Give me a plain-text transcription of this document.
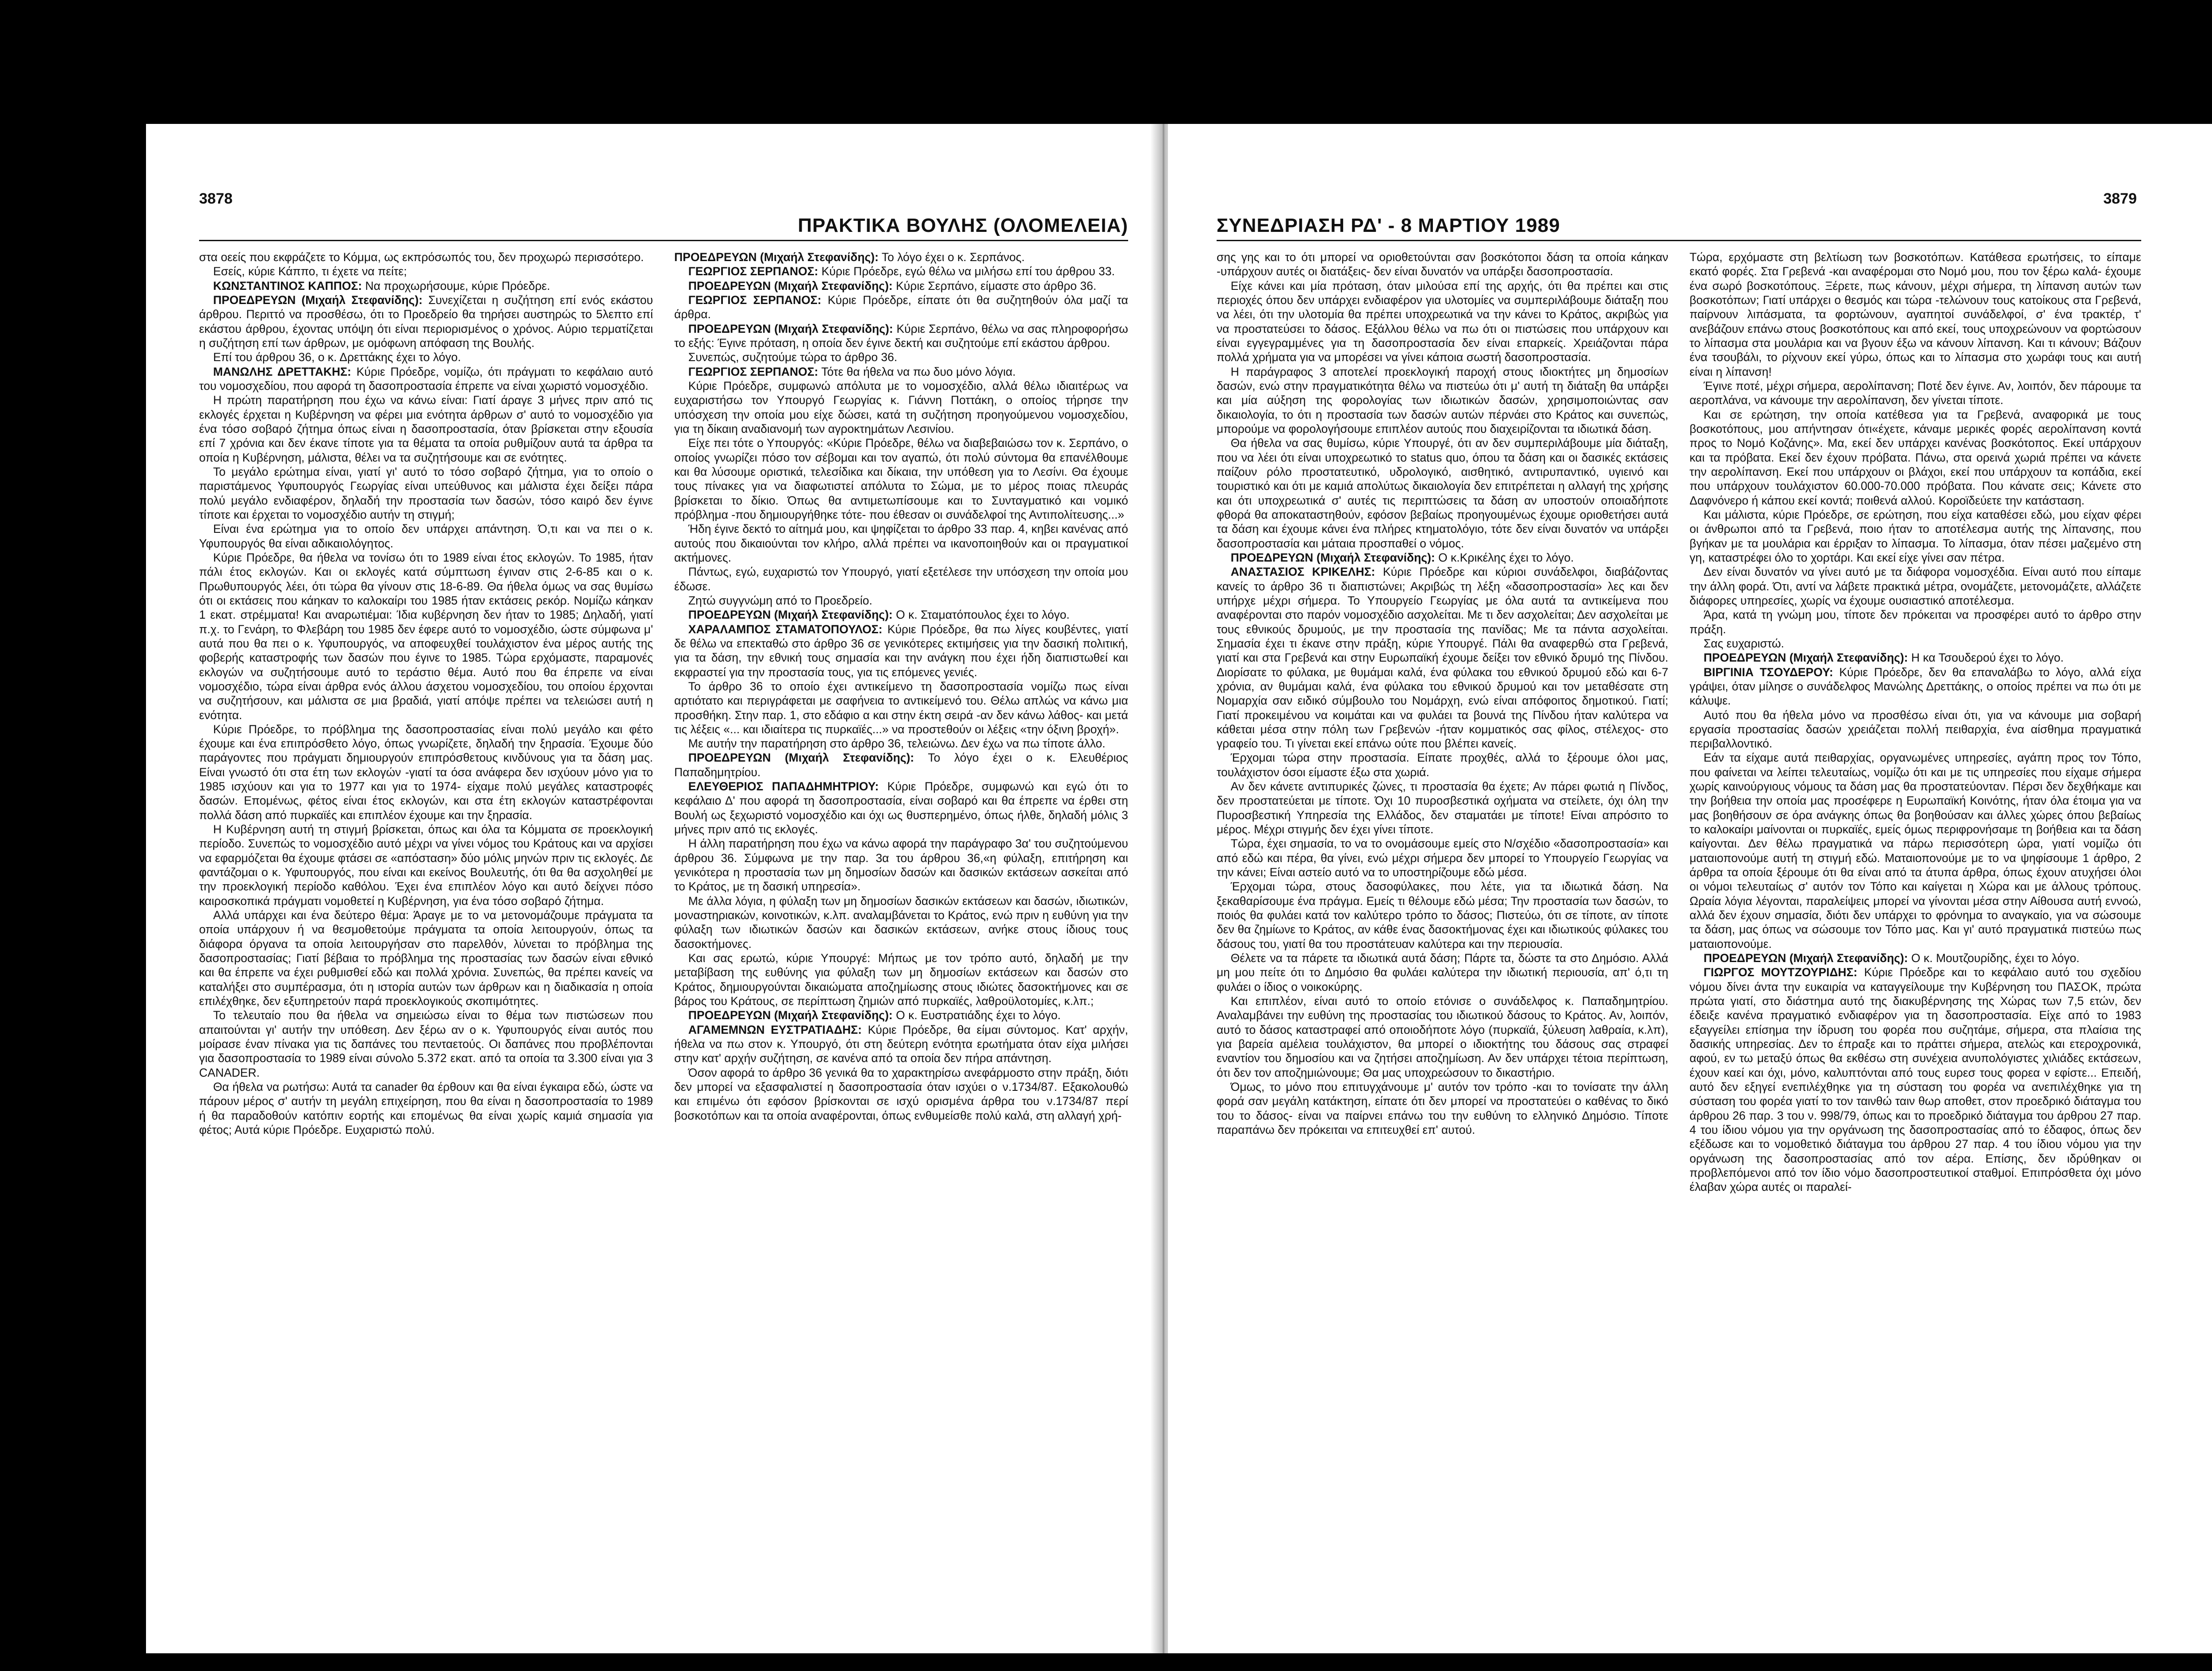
3878
ΠΡΑΚΤΙΚΑ ΒΟΥΛΗΣ (ΟΛΟΜΕΛΕΙΑ)

στα οεείς που εκφράζετε το Κόμμα, ως εκπρόσωπός του, δεν προχωρώ περισσότερο.

Εσείς, κύριε Κάππο, τι έχετε να πείτε;

ΚΩΝΣΤΑΝΤΙΝΟΣ ΚΑΠΠΟΣ: Να προχωρήσουμε, κύριε Πρόεδρε.

ΠΡΟΕΔΡΕΥΩΝ (Μιχαήλ Στεφανίδης): Συνεχίζεται η συζήτηση επί ενός εκάστου άρθρου. Περιττό να προσθέσω, ότι το Προεδρείο θα τηρήσει αυστηρώς το 5λεπτο επί εκάστου άρθρου, έχοντας υπόψη ότι είναι περιορισμένος ο χρόνος. Αύριο τερματίζεται η συζήτηση επί των άρθρων, με ομόφωνη απόφαση της Βουλής.

Επί του άρθρου 36, ο κ. Δρεττάκης έχει το λόγο.

ΜΑΝΩΛΗΣ ΔΡΕΤΤΑΚΗΣ: Κύριε Πρόεδρε, νομίζω, ότι πράγματι το κεφάλαιο αυτό του νομοσχεδίου, που αφορά τη δασοπροστασία έπρεπε να είναι χωριστό νομοσχέδιο.

Η πρώτη παρατήρηση που έχω να κάνω είναι: Γιατί άραγε 3 μήνες πριν από τις εκλογές έρχεται η Κυβέρνηση να φέρει μια ενότητα άρθρων σ' αυτό το νομοσχέδιο για ένα τόσο σοβαρό ζήτημα όπως είναι η δασοπροστασία, όταν βρίσκεται στην εξουσία επί 7 χρόνια και δεν έκανε τίποτε για τα θέματα τα οποία ρυθμίζουν αυτά τα άρθρα τα οποία η Κυβέρνηση, μάλιστα, θέλει να τα συζητήσουμε και σε ενότητες.

Το μεγάλο ερώτημα είναι, γιατί γι' αυτό το τόσο σοβαρό ζήτημα, για το οποίο ο παριστάμενος Υφυπουργός Γεωργίας είναι υπεύθυνος και μάλιστα έχει δείξει πάρα πολύ μεγάλο ενδιαφέρον, δηλαδή την προστασία των δασών, τόσο καιρό δεν έγινε τίποτε και έρχεται το νομοσχέδιο αυτήν τη στιγμή;

Είναι ένα ερώτημα για το οποίο δεν υπάρχει απάντηση. Ό,τι και να πει ο κ. Υφυπουργός θα είναι αδικαιολόγητος.

Κύριε Πρόεδρε, θα ήθελα να τονίσω ότι το 1989 είναι έτος εκλογών. Το 1985, ήταν πάλι έτος εκλογών. Και οι εκλογές κατά σύμπτωση έγιναν στις 2-6-85 και ο κ. Πρωθυπουργός λέει, ότι τώρα θα γίνουν στις 18-6-89. Θα ήθελα όμως να σας θυμίσω ότι οι εκτάσεις που κάηκαν το καλοκαίρι του 1985 ήταν εκτάσεις ρεκόρ. Νομίζω κάηκαν 1 εκατ. στρέμματα! Και αναρωτιέμαι: Ίδια κυβέρνηση δεν ήταν το 1985; Δηλαδή, γιατί π.χ. το Γενάρη, το Φλεβάρη του 1985 δεν έφερε αυτό το νομοσχέδιο, ώστε σύμφωνα μ' αυτά που θα πει ο κ. Υφυπουργός, να αποφευχθεί τουλάχιστον ένα μέρος αυτής της φοβερής καταστροφής των δασών που έγινε το 1985. Τώρα ερχόμαστε, παραμονές εκλογών να συζητήσουμε αυτό το τεράστιο θέμα. Αυτό που θα έπρεπε να είναι νομοσχέδιο, τώρα είναι άρθρα ενός άλλου άσχετου νομοσχεδίου, του οποίου έρχονται να συζητήσουν, και μάλιστα σε μια βραδιά, γιατί απόψε πρέπει να τελειώσει αυτή η ενότητα.

Κύριε Πρόεδρε, το πρόβλημα της δασοπροστασίας είναι πολύ μεγάλο και φέτο έχουμε και ένα επιπρόσθετο λόγο, όπως γνωρίζετε, δηλαδή την ξηρασία. Έχουμε δύο παράγοντες που πράγματι δημιουργούν επιπρόσθετους κινδύνους για τα δάση μας. Είναι γνωστό ότι στα έτη των εκλογών -γιατί τα όσα ανάφερα δεν ισχύουν μόνο για το 1985 ισχύουν και για το 1977 και για το 1974- είχαμε πολύ μεγάλες καταστροφές δασών. Επομένως, φέτος είναι έτος εκλογών, και στα έτη εκλογών καταστρέφονται πολλά δάση από πυρκαϊές και επιπλέον έχουμε και την ξηρασία.

Η Κυβέρνηση αυτή τη στιγμή βρίσκεται, όπως και όλα τα Κόμματα σε προεκλογική περίοδο. Συνεπώς το νομοσχέδιο αυτό μέχρι να γίνει νόμος του Κράτους και να αρχίσει να εφαρμόζεται θα έχουμε φτάσει σε «απόσταση» δύο μόλις μηνών πριν τις εκλογές. Δε φαντάζομαι ο κ. Υφυπουργός, που είναι και εκείνος Βουλευτής, ότι θα θα ασχοληθεί με την προεκλογική περίοδο καθόλου. Έχει ένα επιπλέον λόγο και αυτό δείχνει πόσο καιροσκοπικά πράγματι νομοθετεί η Κυβέρνηση, για ένα τόσο σοβαρό ζήτημα.

Αλλά υπάρχει και ένα δεύτερο θέμα: Άραγε με το να μετονομάζουμε πράγματα τα οποία υπάρχουν ή να θεσμοθετούμε πράγματα τα οποία λειτουργούν, όπως τα διάφορα όργανα τα οποία λειτουργήσαν στο παρελθόν, λύνεται το πρόβλημα της δασοπροστασίας; Γιατί βέβαια το πρόβλημα της προστασίας των δασών είναι εθνικό και θα έπρεπε να έχει ρυθμισθεί εδώ και πολλά χρόνια. Συνεπώς, θα πρέπει κανείς να καταλήξει στο συμπέρασμα, ότι η ιστορία αυτών των άρθρων και η διαδικασία η οποία επιλέχθηκε, δεν εξυπηρετούν παρά προεκλογικούς σκοπιμότητες.

Το τελευταίο που θα ήθελα να σημειώσω είναι το θέμα των πιστώσεων που απαιτούνται γι' αυτήν την υπόθεση. Δεν ξέρω αν ο κ. Υφυπουργός είναι αυτός που μοίρασε έναν πίνακα για τις δαπάνες του πενταετούς. Οι δαπάνες που προβλέπονται για δασοπροστασία το 1989 είναι σύνολο 5.372 εκατ. από τα οποία τα 3.300 είναι για 3 CANADER.

Θα ήθελα να ρωτήσω: Αυτά τα canader θα έρθουν και θα είναι έγκαιρα εδώ, ώστε να πάρουν μέρος σ' αυτήν τη μεγάλη επιχείρηση, που θα είναι η δασοπροστασία το 1989 ή θα παραδοθούν κατόπιν εορτής και επομένως θα είναι χωρίς καμιά σημασία για φέτος; Αυτά κύριε Πρόεδρε. Ευχαριστώ πολύ.

ΠΡΟΕΔΡΕΥΩΝ (Μιχαήλ Στεφανίδης): Το λόγο έχει ο κ. Σερπάνος.

ΓΕΩΡΓΙΟΣ ΣΕΡΠΑΝΟΣ: Κύριε Πρόεδρε, εγώ θέλω να μιλήσω επί του άρθρου 33.

ΠΡΟΕΔΡΕΥΩΝ (Μιχαήλ Στεφανίδης): Κύριε Σερπάνο, είμαστε στο άρθρο 36.

ΓΕΩΡΓΙΟΣ ΣΕΡΠΑΝΟΣ: Κύριε Πρόεδρε, είπατε ότι θα συζητηθούν όλα μαζί τα άρθρα.

ΠΡΟΕΔΡΕΥΩΝ (Μιχαήλ Στεφανίδης): Κύριε Σερπάνο, θέλω να σας πληροφορήσω το εξής: Έγινε πρόταση, η οποία δεν έγινε δεκτή και συζητούμε επί εκάστου άρθρου.

Συνεπώς, συζητούμε τώρα το άρθρο 36.

ΓΕΩΡΓΙΟΣ ΣΕΡΠΑΝΟΣ: Τότε θα ήθελα να πω δυο μόνο λόγια.

Κύριε Πρόεδρε, συμφωνώ απόλυτα με το νομοσχέδιο, αλλά θέλω ιδιαιτέρως να ευχαριστήσω τον Υπουργό Γεωργίας κ. Γιάννη Ποττάκη, ο οποίος τήρησε την υπόσχεση την οποία μου είχε δώσει, κατά τη συζήτηση προηγούμενου νομοσχεδίου, για τη δίκαιη αναδιανομή των αγροκτημάτων Λεσινίου.

Είχε πει τότε ο Υπουργός: «Κύριε Πρόεδρε, θέλω να διαβεβαιώσω τον κ. Σερπάνο, ο οποίος γνωρίζει πόσο τον σέβομαι και τον αγαπώ, ότι πολύ σύντομα θα επανέλθουμε και θα λύσουμε οριστικά, τελεσίδικα και δίκαια, την υπόθεση για το Λεσίνι. Θα έχουμε τους πίνακες για να διαφωτιστεί απόλυτα το Σώμα, με το μέρος ποιας πλευράς βρίσκεται το δίκιο. Όπως θα αντιμετωπίσουμε και το Συνταγματικό και νομικό πρόβλημα -που δημιουργήθηκε τότε- που έθεσαν οι συνάδελφοί της Αντιπολίτευσης...»

Ήδη έγινε δεκτό το αίτημά μου, και ψηφίζεται το άρθρο 33 παρ. 4, κηβει κανένας από αυτούς που δικαιούνται τον κλήρο, αλλά πρέπει να ικανοποιηθούν και οι πραγματικοί ακτήμονες.

Πάντως, εγώ, ευχαριστώ τον Υπουργό, γιατί εξετέλεσε την υπόσχεση την οποία μου έδωσε.

Ζητώ συγγνώμη από το Προεδρείο.

ΠΡΟΕΔΡΕΥΩΝ (Μιχαήλ Στεφανίδης): Ο κ. Σταματόπουλος έχει το λόγο.

ΧΑΡΑΛΑΜΠΟΣ ΣΤΑΜΑΤΟΠΟΥΛΟΣ: Κύριε Πρόεδρε, θα πω λίγες κουβέντες, γιατί δε θέλω να επεκταθώ στο άρθρο 36 σε γενικότερες εκτιμήσεις για την δασική πολιτική, για τα δάση, την εθνική τους σημασία και την ανάγκη που έχει ήδη διαπιστωθεί και εκφραστεί για την προστασία τους, για τις επόμενες γενιές.

Το άρθρο 36 το οποίο έχει αντικείμενο τη δασοπροστασία νομίζω πως είναι αρτιότατο και περιγράφεται με σαφήνεια το αντικείμενό του. Θέλω απλώς να κάνω μια προσθήκη. Στην παρ. 1, στο εδάφιο α και στην έκτη σειρά -αν δεν κάνω λάθος- και μετά τις λέξεις «... και ιδιαίτερα τις πυρκαϊές...» να προστεθούν οι λέξεις «την όξινη βροχή».

Με αυτήν την παρατήρηση στο άρθρο 36, τελειώνω. Δεν έχω να πω τίποτε άλλο.

ΠΡΟΕΔΡΕΥΩΝ (Μιχαήλ Στεφανίδης): Το λόγο έχει ο κ. Ελευθέριος Παπαδημητρίου.

ΕΛΕΥΘΕΡΙΟΣ ΠΑΠΑΔΗΜΗΤΡΙΟΥ: Κύριε Πρόεδρε, συμφωνώ και εγώ ότι το κεφάλαιο Δ' που αφορά τη δασοπροστασία, είναι σοβαρό και θα έπρεπε να έρθει στη Βουλή ως ξεχωριστό νομοσχέδιο και όχι ως θυσπερημένο, όπως ήλθε, δηλαδή μόλις 3 μήνες πριν από τις εκλογές.

Η άλλη παρατήρηση που έχω να κάνω αφορά την παράγραφο 3α' του συζητούμενου άρθρου 36. Σύμφωνα με την παρ. 3α του άρθρου 36,«η φύλαξη, επιτήρηση και γενικότερα η προστασία των μη δημοσίων δασών και δασικών εκτάσεων ασκείται από το Κράτος, με τη δασική υπηρεσία».

Με άλλα λόγια, η φύλαξη των μη δημοσίων δασικών εκτάσεων και δασών, ιδιωτικών, μοναστηριακών, κοινοτικών, κ.λπ. αναλαμβάνεται το Κράτος, ενώ πριν η ευθύνη για την φύλαξη των ιδιωτικών δασών και δασικών εκτάσεων, ανήκε στους ίδιους τους δασοκτήμονες.

Και σας ερωτώ, κύριε Υπουργέ: Μήπως με τον τρόπο αυτό, δηλαδή με την μεταβίβαση της ευθύνης για φύλαξη των μη δημοσίων εκτάσεων και δασών στο Κράτος, δημιουργούνται δικαιώματα αποζημίωσης στους ιδιώτες δασοκτήμονες και σε βάρος του Κράτους, σε περίπτωση ζημιών από πυρκαϊές, λαθροϋλοτομίες, κ.λπ.;

ΠΡΟΕΔΡΕΥΩΝ (Μιχαήλ Στεφανίδης): Ο κ. Ευστρατιάδης έχει το λόγο.

ΑΓΑΜΕΜΝΩΝ ΕΥΣΤΡΑΤΙΑΔΗΣ: Κύριε Πρόεδρε, θα είμαι σύντομος. Κατ' αρχήν, ήθελα να πω στον κ. Υπουργό, ότι στη δεύτερη ενότητα ερωτήματα όταν είχα μιλήσει στην κατ' αρχήν συζήτηση, σε κανένα από τα οποία δεν πήρα απάντηση.

Όσον αφορά το άρθρο 36 γενικά θα το χαρακτηρίσω ανεφάρμοστο στην πράξη, διότι δεν μπορεί να εξασφαλιστεί η δασοπροστασία όταν ισχύει ο ν.1734/87. Εξακολουθώ και επιμένω ότι εφόσον βρίσκονται σε ισχύ ορισμένα άρθρα του ν.1734/87 περί βοσκοτόπων και τα οποία αναφέρονται, όπως ενθυμείσθε πολύ καλά, στη αλλαγή χρή-

3879
ΣΥΝΕΔΡΙΑΣΗ ΡΔ' - 8 ΜΑΡΤΙΟΥ 1989

σης γης και το ότι μπορεί να οριοθετούνται σαν βοσκότοποι δάση τα οποία κάηκαν -υπάρχουν αυτές οι διατάξεις- δεν είναι δυνατόν να υπάρξει δασοπροστασία.

Είχε κάνει και μία πρόταση, όταν μιλούσα επί της αρχής, ότι θα πρέπει και στις περιοχές όπου δεν υπάρχει ενδιαφέρον για υλοτομίες να συμπεριλάβουμε διάταξη που να λέει, ότι την υλοτομία θα πρέπει υποχρεωτικά να την κάνει το Κράτος, ακριβώς για να προστατεύσει το δάσος. Εξάλλου θέλω να πω ότι οι πιστώσεις που υπάρχουν και είναι εγγεγραμμένες για τη δασοπροστασία δεν είναι επαρκείς. Χρειάζονται πάρα πολλά χρήματα για να μπορέσει να γίνει κάποια σωστή δασοπροστασία.

Η παράγραφος 3 αποτελεί προεκλογική παροχή στους ιδιοκτήτες μη δημοσίων δασών, ενώ στην πραγματικότητα θέλω να πιστεύω ότι μ' αυτή τη διάταξη θα υπάρξει και μία αύξηση της φορολογίας των ιδιωτικών δασών, χρησιμοποιώντας σαν δικαιολογία, το ότι η προστασία των δασών αυτών πέρνάει στο Κράτος και συνεπώς, μπορούμε να φορολογήσουμε επιπλέον αυτούς που διαχειρίζονται τα ιδιωτικά δάση.

Θα ήθελα να σας θυμίσω, κύριε Υπουργέ, ότι αν δεν συμπεριλάβουμε μία διάταξη, που να λέει ότι είναι υποχρεωτικό το status quo, όπου τα δάση και οι δασικές εκτάσεις παίζουν ρόλο προστατευτικό, υδρολογικό, αισθητικό, αντιρυπαντικό, υγιεινό και τουριστικό και ότι με καμιά απολύτως δικαιολογία δεν επιτρέπεται η αλλαγή της χρήσης και ότι υποχρεωτικά σ' αυτές τις περιπτώσεις τα δάση αν υποστούν οποιαδήποτε φθορά θα αποκαταστηθούν, εφόσον βεβαίως προηγουμένως έχουμε οριοθετήσει αυτά τα δάση και έχουμε κάνει ένα πλήρες κτηματολόγιο, τότε δεν είναι δυνατόν να υπάρξει δασοπροστασία και μάταια προσπαθεί ο νόμος.

ΠΡΟΕΔΡΕΥΩΝ (Μιχαήλ Στεφανίδης): Ο κ.Κρικέλης έχει το λόγο.

ΑΝΑΣΤΑΣΙΟΣ ΚΡΙΚΕΛΗΣ: Κύριε Πρόεδρε και κύριοι συνάδελφοι, διαβάζοντας κανείς το άρθρο 36 τι διαπιστώνει; Ακριβώς τη λέξη «δασοπροστασία» λες και δεν υπήρχε μέχρι σήμερα. Το Υπουργείο Γεωργίας με όλα αυτά τα αντικείμενα που αναφέρονται στο παρόν νομοσχέδιο ασχολείται. Με τι δεν ασχολείται; Δεν ασχολείται με τους εθνικούς δρυμούς, με την προστασία της πανίδας; Με τα πάντα ασχολείται. Σημασία έχει τι έκανε στην πράξη, κύριε Υπουργέ. Πάλι θα αναφερθώ στα Γρεβενά, γιατί και στα Γρεβενά και στην Ευρωπαϊκή έχουμε δείξει τον εθνικό δρυμό της Πίνδου. Διορίσατε το φύλακα, με θυμάμαι καλά, ένα φύλακα του εθνικού δρυμού εδώ και 6-7 χρόνια, αν θυμάμαι καλά, ένα φύλακα του εθνικού δρυμού και τον μεταθέσατε στη Νομαρχία σαν ειδικό σύμβουλο του Νομάρχη, ενώ είναι απόφοιτος δημοτικού. Γιατί; Γιατί προκειμένου να κοιμάται και να φυλάει τα βουνά της Πίνδου ήταν καλύτερα να κάθεται μέσα στην πόλη των Γρεβενών -ήταν κομματικός σας φίλος, στέλεχος- στο γραφείο του. Τι γίνεται εκεί επάνω ούτε που βλέπει κανείς.

Έρχομαι τώρα στην προστασία. Είπατε προχθές, αλλά το ξέρουμε όλοι μας, τουλάχιστον όσοι είμαστε έξω στα χωριά.

Αν δεν κάνετε αντιπυρικές ζώνες, τι προστασία θα έχετε; Αν πάρει φωτιά η Πίνδος, δεν προστατεύεται με τίποτε. Όχι 10 πυροσβεστικά οχήματα να στείλετε, όχι όλη την Πυροσβεστική Υπηρεσία της Ελλάδος, δεν σταματάει με τίποτε! Είναι απρόσιτο το μέρος. Μέχρι στιγμής δεν έχει γίνει τίποτε.

Τώρα, έχει σημασία, το να το ονομάσουμε εμείς στο Ν/σχέδιο «δασοπροστασία» και από εδώ και πέρα, θα γίνει, ενώ μέχρι σήμερα δεν μπορεί το Υπουργείο Γεωργίας να την κάνει; Είναι αστείο αυτό να το υποστηρίζουμε εδώ μέσα.

Έρχομαι τώρα, στους δασοφύλακες, που λέτε, για τα ιδιωτικά δάση. Να ξεκαθαρίσουμε ένα πράγμα. Εμείς τι θέλουμε εδώ μέσα; Την προστασία των δασών, το ποιός θα φυλάει κατά τον καλύτερο τρόπο το δάσος; Πιστεύω, ότι σε τίποτε, αν τίποτε δεν θα ζημίωνε το Κράτος, αν κάθε ένας δασοκτήμονας έχει και ιδιωτικούς φύλακες του δάσους του, γιατί θα του προστάτευαν καλύτερα και την περιουσία.

Θέλετε να τα πάρετε τα ιδιωτικά αυτά δάση; Πάρτε τα, δώστε τα στο Δημόσιο. Αλλά μη μου πείτε ότι το Δημόσιο θα φυλάει καλύτερα την ιδιωτική περιουσία, απ' ό,τι τη φυλάει ο ίδιος ο νοικοκύρης.

Και επιπλέον, είναι αυτό το οποίο ετόνισε ο συνάδελφος κ. Παπαδημητρίου. Αναλαμβάνει την ευθύνη της προστασίας του ιδιωτικού δάσους το Κράτος. Αν, λοιπόν, αυτό το δάσος καταστραφεί από οποιοδήποτε λόγο (πυρκαϊά, ξύλευση λαθραία, κ.λπ), για βαρεία αμέλεια τουλάχιστον, θα μπορεί ο ιδιοκτήτης του δάσους σας στραφεί εναντίον του δημοσίου και να ζητήσει αποζημίωση. Αν δεν υπάρχει τέτοια περίπτωση, ότι δεν τον αποζημιώνουμε; Θα μας υποχρεώσουν το δικαστήριο.

Όμως, το μόνο που επιτυγχάνουμε μ' αυτόν τον τρόπο -και το τονίσατε την άλλη φορά σαν μεγάλη κατάκτηση, είπατε ότι δεν μπορεί να προστατεύει ο καθένας το δικό του το δάσος- είναι να παίρνει επάνω του την ευθύνη το ελληνικό Δημόσιο. Τίποτε παραπάνω δεν πρόκειται να επιτευχθεί επ' αυτού.

Τώρα, ερχόμαστε στη βελτίωση των βοσκοτόπων. Κατάθεσα ερωτήσεις, το είπαμε εκατό φορές. Στα Γρεβενά -και αναφέρομαι στο Νομό μου, που τον ξέρω καλά- έχουμε ένα σωρό βοσκοτόπους. Ξέρετε, πως κάνουν, μέχρι σήμερα, τη λίπανση αυτών των βοσκοτόπων; Γιατί υπάρχει ο θεσμός και τώρα -τελώνουν τους κατοίκους στα Γρεβενά, παίρνουν λιπάσματα, τα φορτώνουν, αγαπητοί συνάδελφοί, σ' ένα τρακτέρ, τ' ανεβάζουν επάνω στους βοσκοτόπους και από εκεί, τους υποχρεώνουν να φορτώσουν το λίπασμα στα μουλάρια και να βγουν έξω να κάνουν λίπανση. Και τι κάνουν; Βάζουν ένα τσουβάλι, το ρίχνουν εκεί γύρω, όπως και το λίπασμα στο χωράφι τους και αυτή είναι η λίπανση!

Έγινε ποτέ, μέχρι σήμερα, αερολίπανση; Ποτέ δεν έγινε. Αν, λοιπόν, δεν πάρουμε τα αεροπλάνα, να κάνουμε την αερολίπανση, δεν γίνεται τίποτε.

Και σε ερώτηση, την οποία κατέθεσα για τα Γρεβενά, αναφορικά με τους βοσκοτόπους, μου απήντησαν ότι«έχετε, κάναμε μερικές φορές αερολίπανση κοντά προς το Νομό Κοζάνης». Μα, εκεί δεν υπάρχει κανένας βοσκότοπος. Εκεί υπάρχουν και τα πρόβατα. Εκεί δεν έχουν πρόβατα. Πάνω, στα ορεινά χωριά πρέπει να κάνετε την αερολίπανση. Εκεί που υπάρχουν οι βλάχοι, εκεί που υπάρχουν τα κοπάδια, εκεί που υπάρχουν τουλάχιστον 60.000-70.000 πρόβατα. Που κάνατε σεις; Κάνετε στο Δαφνόνερο ή κάπου εκεί κοντά; ποιθενά αλλού. Κοροϊδεύετε την κατάσταση.

Και μάλιστα, κύριε Πρόεδρε, σε ερώτηση, που είχα καταθέσει εδώ, μου είχαν φέρει οι άνθρωποι από τα Γρεβενά, ποιο ήταν το αποτέλεσμα αυτής της λίπανσης, που βγήκαν με τα μουλάρια και έρριξαν το λίπασμα. Το λίπασμα, όταν πέσει μαζεμένο στη γη, καταστρέφει όλο το χορτάρι. Και εκεί είχε γίνει σαν πέτρα.

Δεν είναι δυνατόν να γίνει αυτό με τα διάφορα νομοσχέδια. Είναι αυτό που είπαμε την άλλη φορά. Ότι, αντί να λάβετε πρακτικά μέτρα, ονομάζετε, μετονομάζετε, αλλάζετε διάφορες υπηρεσίες, χωρίς να έχουμε ουσιαστικό αποτέλεσμα.

Άρα, κατά τη γνώμη μου, τίποτε δεν πρόκειται να προσφέρει αυτό το άρθρο στην πράξη.

Σας ευχαριστώ.

ΠΡΟΕΔΡΕΥΩΝ (Μιχαήλ Στεφανίδης): Η κα Τσουδερού έχει το λόγο.

ΒΙΡΓΙΝΙΑ ΤΣΟΥΔΕΡΟΥ: Κύριε Πρόεδρε, δεν θα επαναλάβω το λόγο, αλλά είχα γράψει, όταν μίλησε ο συνάδελφος Μανώλης Δρεττάκης, ο οποίος πρέπει να πω ότι με κάλυψε.

Αυτό που θα ήθελα μόνο να προσθέσω είναι ότι, για να κάνουμε μια σοβαρή εργασία προστασίας δασών χρειάζεται πολλή πειθαρχία, ένα αίσθημα πραγματικά περιβαλλοντικό.

Εάν τα είχαμε αυτά πειθαρχίας, οργανωμένες υπηρεσίες, αγάπη προς τον Τόπο, που φαίνεται να λείπει τελευταίως, νομίζω ότι και με τις υπηρεσίες που είχαμε σήμερα χωρίς καινούργιους νόμους τα δάση μας θα προστατεύονταν. Πέρσι δεν δεχθήκαμε και την βοήθεια την οποία μας προσέφερε η Ευρωπαϊκή Κοινότης, ήταν όλα έτοιμα για να μας βοηθήσουν σε όρα ανάγκης όπως θα βοηθούσαν και άλλες χώρες όπου βεβαίως το καλοκαίρι μαίνονται οι πυρκαϊές, εμείς όμως περιφρονήσαμε τη βοήθεια και τα δάση καίγονται. Δεν θέλω πραγματικά να πάρω περισσότερη ώρα, γιατί νομίζω ότι ματαιοπονούμε αυτή τη στιγμή εδώ. Ματαιοπονούμε με το να ψηφίσουμε 1 άρθρο, 2 άρθρα τα οποία ξέρουμε ότι θα είναι από τα άτυπα άρθρα, όπως έχουν ατυχήσει όλοι οι νόμοι τελευταίως σ' αυτόν τον Τόπο και καίγεται η Χώρα και με άλλους τρόπους. Ωραία λόγια λέγονται, παραλείψεις μπορεί να γίνονται μέσα στην Αίθουσα αυτή εννοώ, αλλά δεν έχουν σημασία, διότι δεν υπάρχει το φρόνημα το αναγκαίο, για να σώσουμε τα δάση, μας όπως να σώσουμε τον Τόπο μας. Και γι' αυτό πραγματικά πιστεύω πως ματαιοπονούμε.

ΠΡΟΕΔΡΕΥΩΝ (Μιχαήλ Στεφανίδης): Ο κ. Μουτζουρίδης, έχει το λόγο.

ΓΙΩΡΓΟΣ ΜΟΥΤΖΟΥΡΙΔΗΣ: Κύριε Πρόεδρε και το κεφάλαιο αυτό του σχεδίου νόμου δίνει άντα την ευκαιρία να καταγγείλουμε την Κυβέρνηση του ΠΑΣΟΚ, πρώτα πρώτα γιατί, στο διάστημα αυτό της διακυβέρνησης της Χώρας των 7,5 ετών, δεν έδειξε κανένα πραγματικό ενδιαφέρον για τη δασοπροστασία. Είχε από το 1983 εξαγγείλει επίσημα την ίδρυση του φορέα που συζητάμε, σήμερα, στα πλαίσια της δασικής υπηρεσίας. Δεν το έπραξε και το πράττει σήμερα, ατελώς και ετεροχρονικά, αφού, εν τω μεταξύ όπως θα εκθέσω στη συνέχεια ανυπολόγιστες χιλιάδες εκτάσεων, έχουν καεί και όχι, μόνο, καλυπτόνται από τους ευρεσ τους φορεα ν εφίστε... Επειδή, αυτό δεν εξηγεί ενεπιλέχθηκε για τη σύσταση του φορέα να ανεπιλέχθηκε για τη σύσταση του φορέα γιατί το τον ταινθώ ταιν θωρ αποθετ, στον προεδρικό διάταγμα του άρθρου 26 παρ. 3 του ν. 998/79, όπως και το προεδρικό διάταγμα του άρθρου 27 παρ. 4 του ίδιου νόμου για την οργάνωση της δασοπροστασίας από το έδαφος, όπως δεν εξέδωσε και το νομοθετικό διάταγμα του άρθρου 27 παρ. 4 του ίδιου νόμου για την οργάνωση της δασοπροστασίας από τον αέρα. Επίσης, δεν ιδρύθηκαν οι προβλεπόμενοι από τον ίδιο νόμο δασοπροστευτικοί σταθμοί. Επιπρόσθετα όχι μόνο έλαβαν χώρα αυτές οι παραλεί-
